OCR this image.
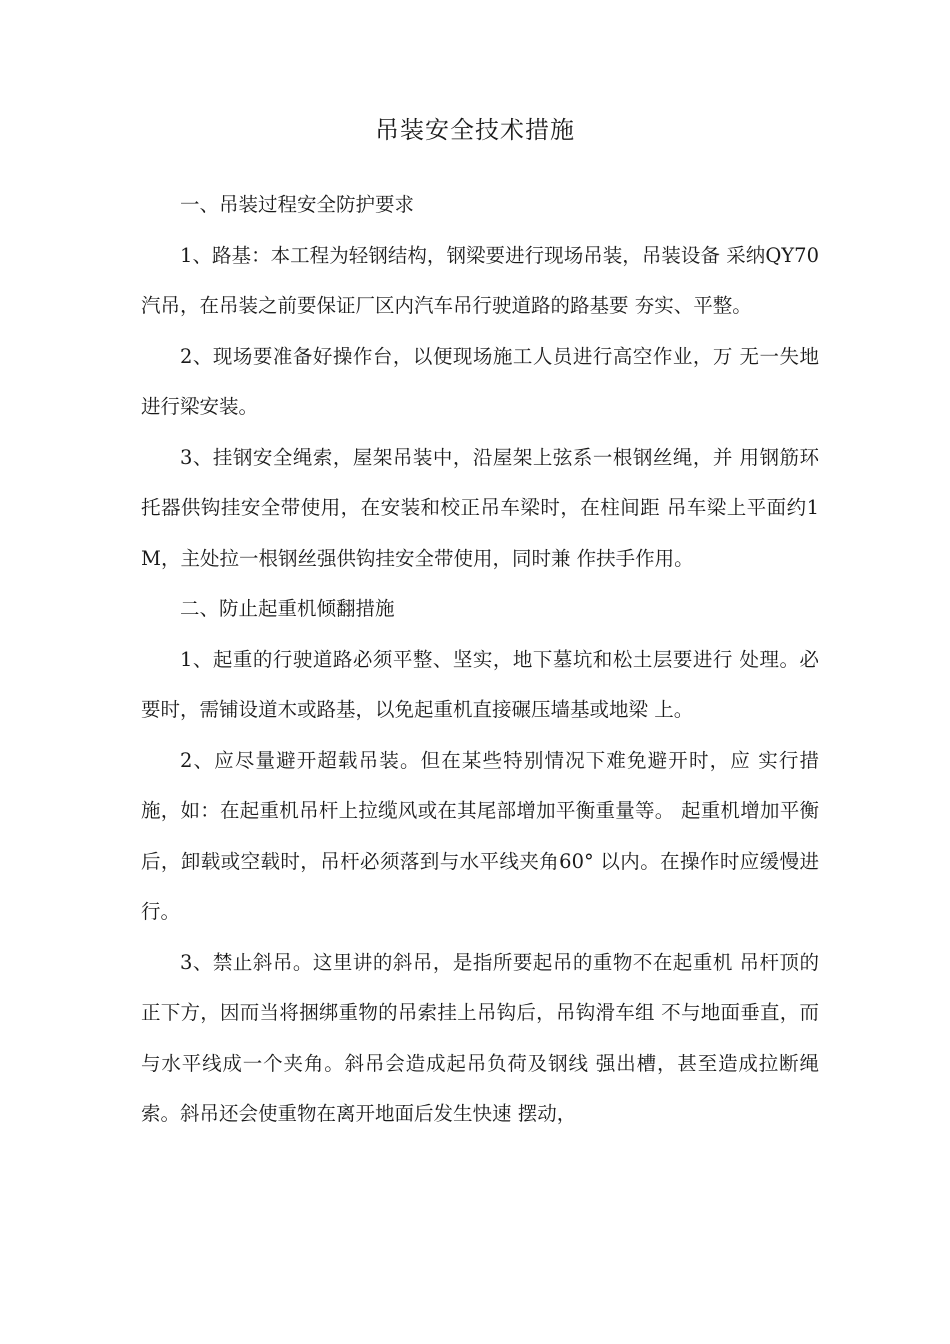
吊装安全技术措施

一、吊装过程安全防护要求

1、路基：本工程为轻钢结构，钢梁要进行现场吊装，吊装设备 采纳QY70汽吊，在吊装之前要保证厂区内汽车吊行驶道路的路基要 夯实、平整。

2、现场要准备好操作台，以便现场施工人员进行高空作业，万 无一失地进行梁安装。

3、挂钢安全绳索，屋架吊装中，沿屋架上弦系一根钢丝绳，并 用钢筋环托器供钩挂安全带使用，在安装和校正吊车梁时，在柱间距 吊车梁上平面约1M，主处拉一根钢丝强供钩挂安全带使用，同时兼 作扶手作用。

二、防止起重机倾翻措施

1、起重的行驶道路必须平整、坚实，地下墓坑和松土层要进行 处理。必要时，需铺设道木或路基，以免起重机直接碾压墙基或地梁 上。

2、应尽量避开超载吊装。但在某些特别情况下难免避开时，应 实行措施，如：在起重机吊杆上拉缆风或在其尾部增加平衡重量等。 起重机增加平衡后，卸载或空载时，吊杆必须落到与水平线夹角60° 以内。在操作时应缓慢进行。

3、禁止斜吊。这里讲的斜吊，是指所要起吊的重物不在起重机 吊杆顶的正下方，因而当将捆绑重物的吊索挂上吊钩后，吊钩滑车组 不与地面垂直，而与水平线成一个夹角。斜吊会造成起吊负荷及钢线 强出槽，甚至造成拉断绳索。斜吊还会使重物在离开地面后发生快速 摆动，
